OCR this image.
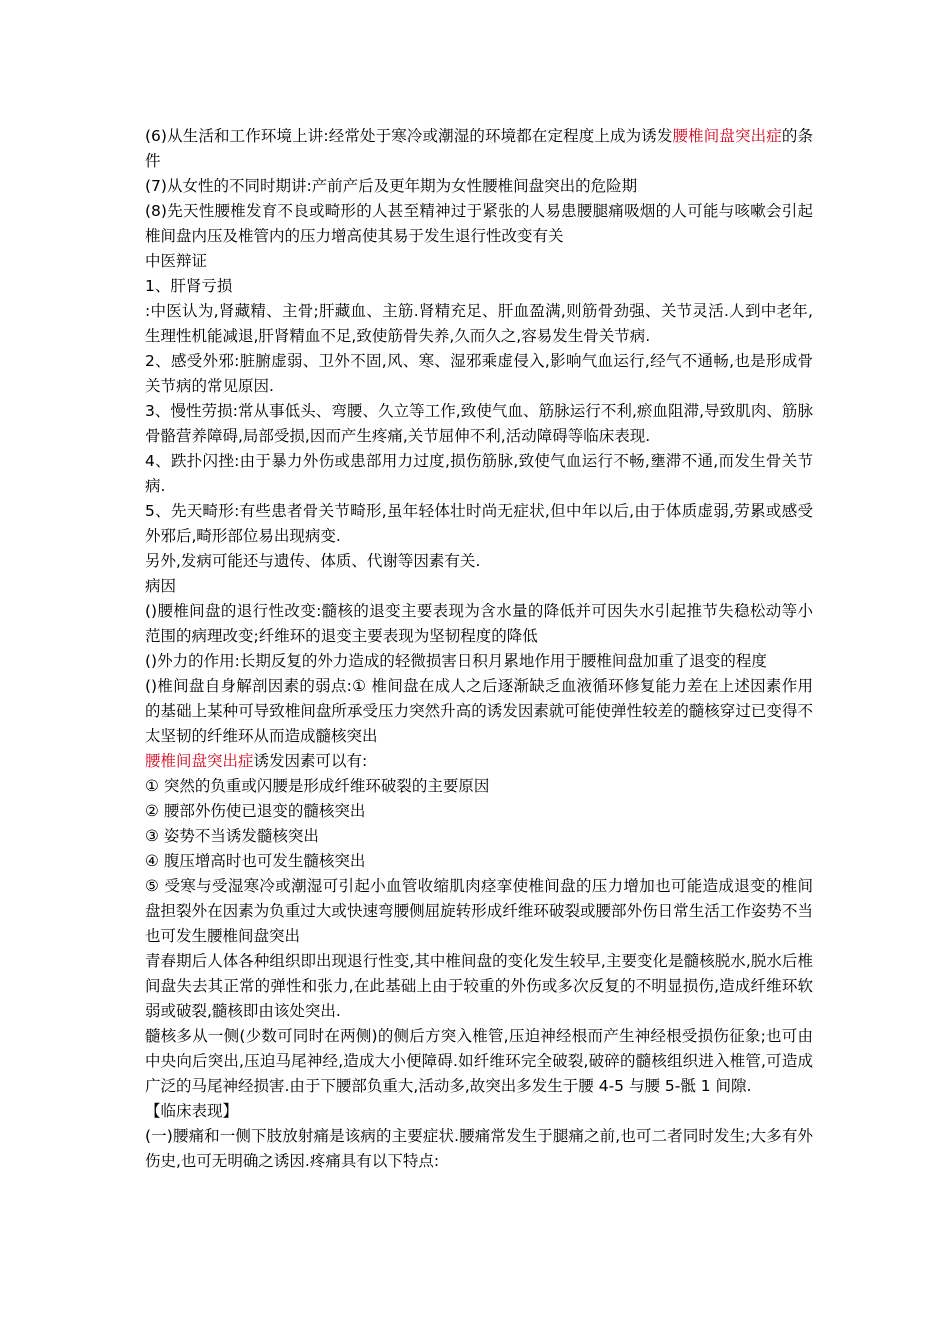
(6)从生活和工作环境上讲:经常处于寒冷或潮湿的环境都在定程度上成为诱发腰椎间盘突出症的条件

(7)从女性的不同时期讲:产前产后及更年期为女性腰椎间盘突出的危险期

(8)先天性腰椎发育不良或畸形的人甚至精神过于紧张的人易患腰腿痛吸烟的人可能与咳嗽会引起椎间盘内压及椎管内的压力增高使其易于发生退行性改变有关

中医辩证

1、肝肾亏损

:中医认为,肾藏精、主骨;肝藏血、主筋.肾精充足、肝血盈满,则筋骨劲强、关节灵活.人到中老年,生理性机能减退,肝肾精血不足,致使筋骨失养,久而久之,容易发生骨关节病.

2、感受外邪:脏腑虚弱、卫外不固,风、寒、湿邪乘虚侵入,影响气血运行,经气不通畅,也是形成骨关节病的常见原因.

3、慢性劳损:常从事低头、弯腰、久立等工作,致使气血、筋脉运行不利,瘀血阻滞,导致肌肉、筋脉骨骼营养障碍,局部受损,因而产生疼痛,关节屈伸不利,活动障碍等临床表现.

4、跌扑闪挫:由于暴力外伤或患部用力过度,损伤筋脉,致使气血运行不畅,壅滞不通,而发生骨关节病.

5、先天畸形:有些患者骨关节畸形,虽年轻体壮时尚无症状,但中年以后,由于体质虚弱,劳累或感受外邪后,畸形部位易出现病变.

另外,发病可能还与遗传、体质、代谢等因素有关.

病因

()腰椎间盘的退行性改变:髓核的退变主要表现为含水量的降低并可因失水引起推节失稳松动等小范围的病理改变;纤维环的退变主要表现为坚韧程度的降低

()外力的作用:长期反复的外力造成的轻微损害日积月累地作用于腰椎间盘加重了退变的程度

()椎间盘自身解剖因素的弱点:① 椎间盘在成人之后逐渐缺乏血液循环修复能力差在上述因素作用的基础上某种可导致椎间盘所承受压力突然升高的诱发因素就可能使弹性较差的髓核穿过已变得不太坚韧的纤维环从而造成髓核突出

腰椎间盘突出症诱发因素可以有:

① 突然的负重或闪腰是形成纤维环破裂的主要原因

② 腰部外伤使已退变的髓核突出

③ 姿势不当诱发髓核突出

④ 腹压增高时也可发生髓核突出

⑤ 受寒与受湿寒冷或潮湿可引起小血管收缩肌肉痉挛使椎间盘的压力增加也可能造成退变的椎间盘担裂外在因素为负重过大或快速弯腰侧屈旋转形成纤维环破裂或腰部外伤日常生活工作姿势不当也可发生腰椎间盘突出

青春期后人体各种组织即出现退行性变,其中椎间盘的变化发生较早,主要变化是髓核脱水,脱水后椎间盘失去其正常的弹性和张力,在此基础上由于较重的外伤或多次反复的不明显损伤,造成纤维环软弱或破裂,髓核即由该处突出.

髓核多从一侧(少数可同时在两侧)的侧后方突入椎管,压迫神经根而产生神经根受损伤征象;也可由中央向后突出,压迫马尾神经,造成大小便障碍.如纤维环完全破裂,破碎的髓核组织进入椎管,可造成广泛的马尾神经损害.由于下腰部负重大,活动多,故突出多发生于腰 4-5 与腰 5-骶 1 间隙.

【临床表现】

(一)腰痛和一侧下肢放射痛是该病的主要症状.腰痛常发生于腿痛之前,也可二者同时发生;大多有外伤史,也可无明确之诱因.疼痛具有以下特点:
